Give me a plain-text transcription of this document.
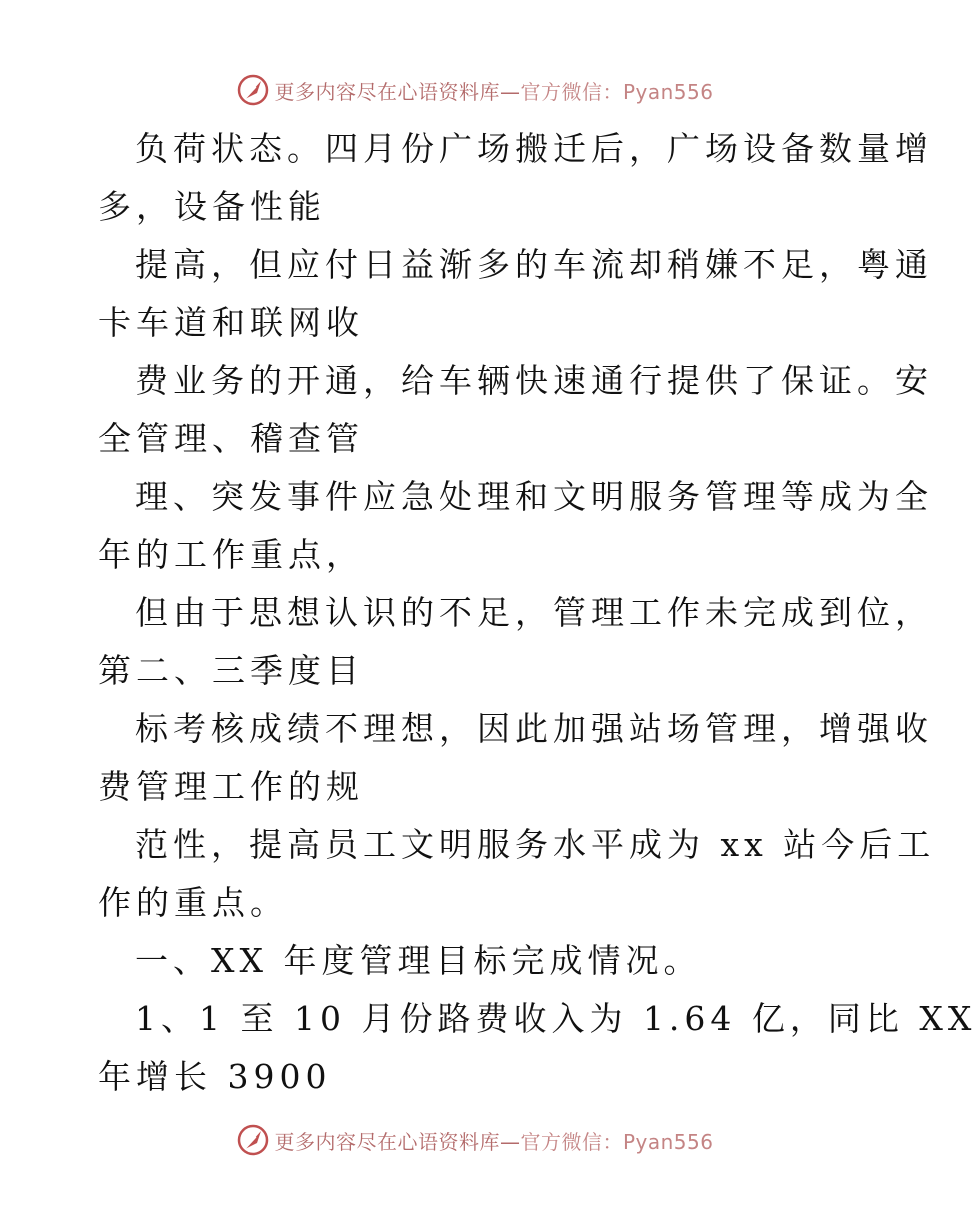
更多内容尽在心语资料库—官方微信：Pyan556
负荷状态。四月份广场搬迁后，广场设备数量增
多，设备性能
提高，但应付日益渐多的车流却稍嫌不足，粤通
卡车道和联网收
费业务的开通，给车辆快速通行提供了保证。安
全管理、稽查管
理、突发事件应急处理和文明服务管理等成为全
年的工作重点，
但由于思想认识的不足，管理工作未完成到位，
第二、三季度目
标考核成绩不理想，因此加强站场管理，增强收
费管理工作的规
范性，提高员工文明服务水平成为 xx 站今后工
作的重点。
一、XX 年度管理目标完成情况。
1、1 至 10 月份路费收入为 1.64 亿，同比 XX
年增长 3900
更多内容尽在心语资料库—官方微信：Pyan556
